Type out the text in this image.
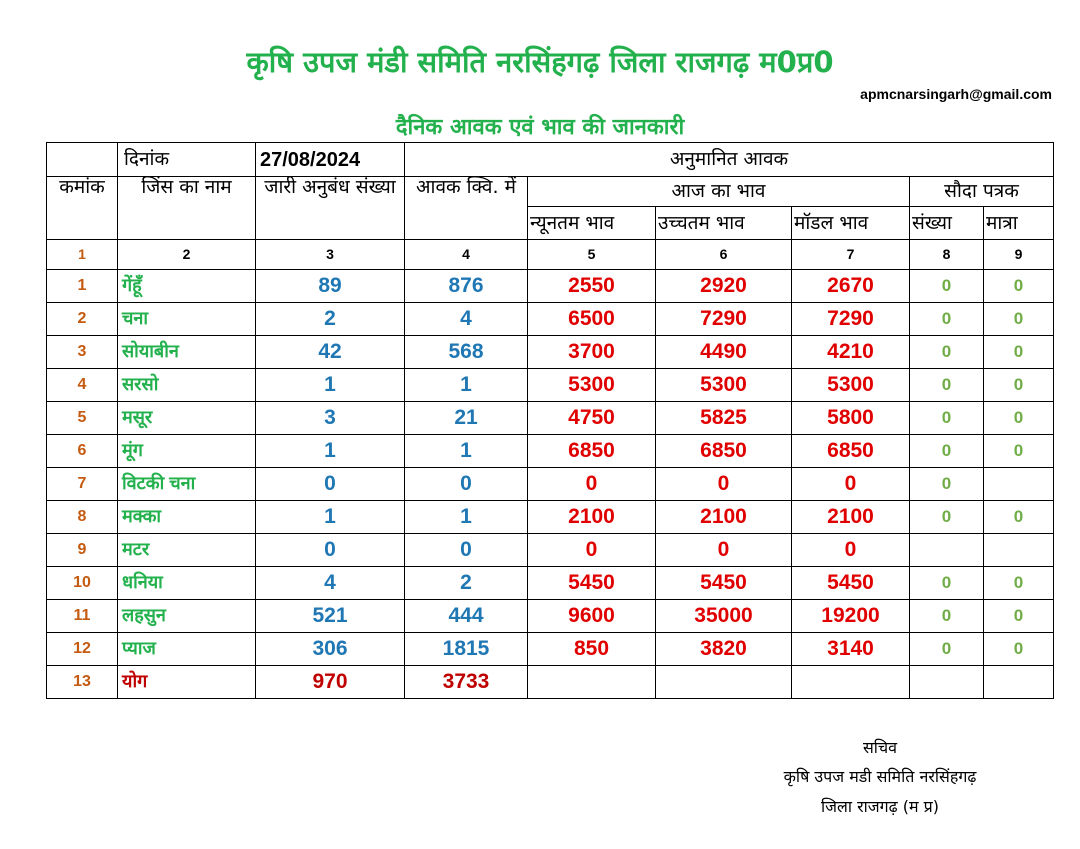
कृषि उपज मंडी समिति नरसिंहगढ़ जिला राजगढ़ म0प्र0
apmcnarsingarh@gmail.com
दैनिक आवक एवं भाव की जानकारी
	दिनांक	27/08/2024	अनुमानित आवक					
कमांक	जिंस का नाम	जारी अनुबंध संख्या	आवक क्वि. में	आज का भाव			सौदा पत्रक	
				न्यूनतम भाव	उच्चतम भाव	मॉडल भाव	संख्या	मात्रा
1	2	3	4	5	6	7	8	9
1	गेंहूँ	89	876	2550	2920	2670	0	0
2	चना	2	4	6500	7290	7290	0	0
3	सोयाबीन	42	568	3700	4490	4210	0	0
4	सरसो	1	1	5300	5300	5300	0	0
5	मसूर	3	21	4750	5825	5800	0	0
6	मूंग	1	1	6850	6850	6850	0	0
7	विटकी चना	0	0	0	0	0	0	
8	मक्का	1	1	2100	2100	2100	0	0
9	मटर	0	0	0	0	0		
10	धनिया	4	2	5450	5450	5450	0	0
11	लहसुन	521	444	9600	35000	19200	0	0
12	प्याज	306	1815	850	3820	3140	0	0
13	योग	970	3733					
सचिव
कृषि उपज मडी समिति नरसिंहगढ़
जिला राजगढ़ (म प्र)
